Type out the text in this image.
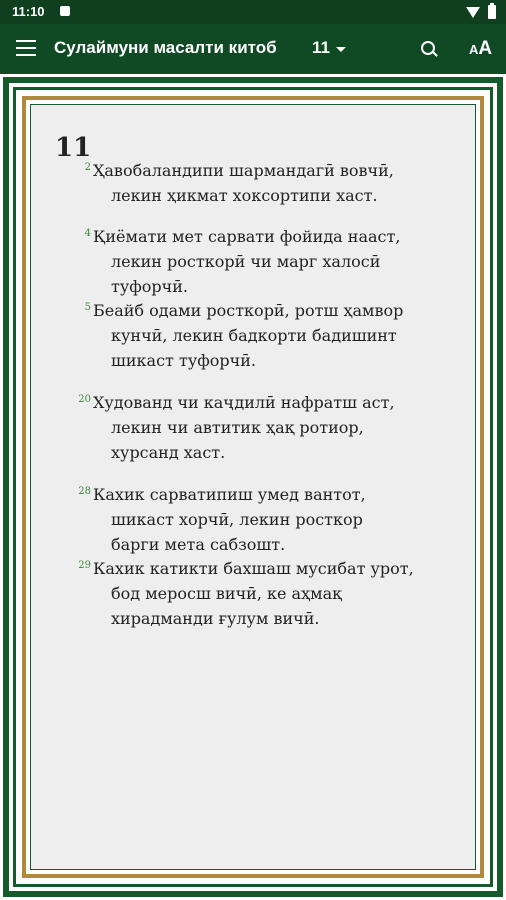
11:10
Сулаймуни масалти китоб 11	AA
11
2 Ҳавобаландипи шармандагӣ вовчӣ,
лекин ҳикмат хоксортипи хаст.
4 Қиёмати мет сарвати фойида нааст,
лекин росткорӣ чи марг халосӣ
туфорчӣ.
5 Беайб одами росткорӣ, ротш ҳамвор
кунчӣ, лекин бадкорти бадишинт
шикаст туфорчӣ.
20 Худованд чи каҷдилӣ нафратш аст,
лекин чи автитик ҳақ ротиор,
хурсанд хаст.
28 Кахик сарватипиш умед вантот,
шикаст хорчӣ, лекин росткор
барги мета сабзошт.
29 Кахик катикти бахшаш мусибат урот,
бод меросш вичӣ, ке аҳмақ
хирадманди ғулум вичӣ.
